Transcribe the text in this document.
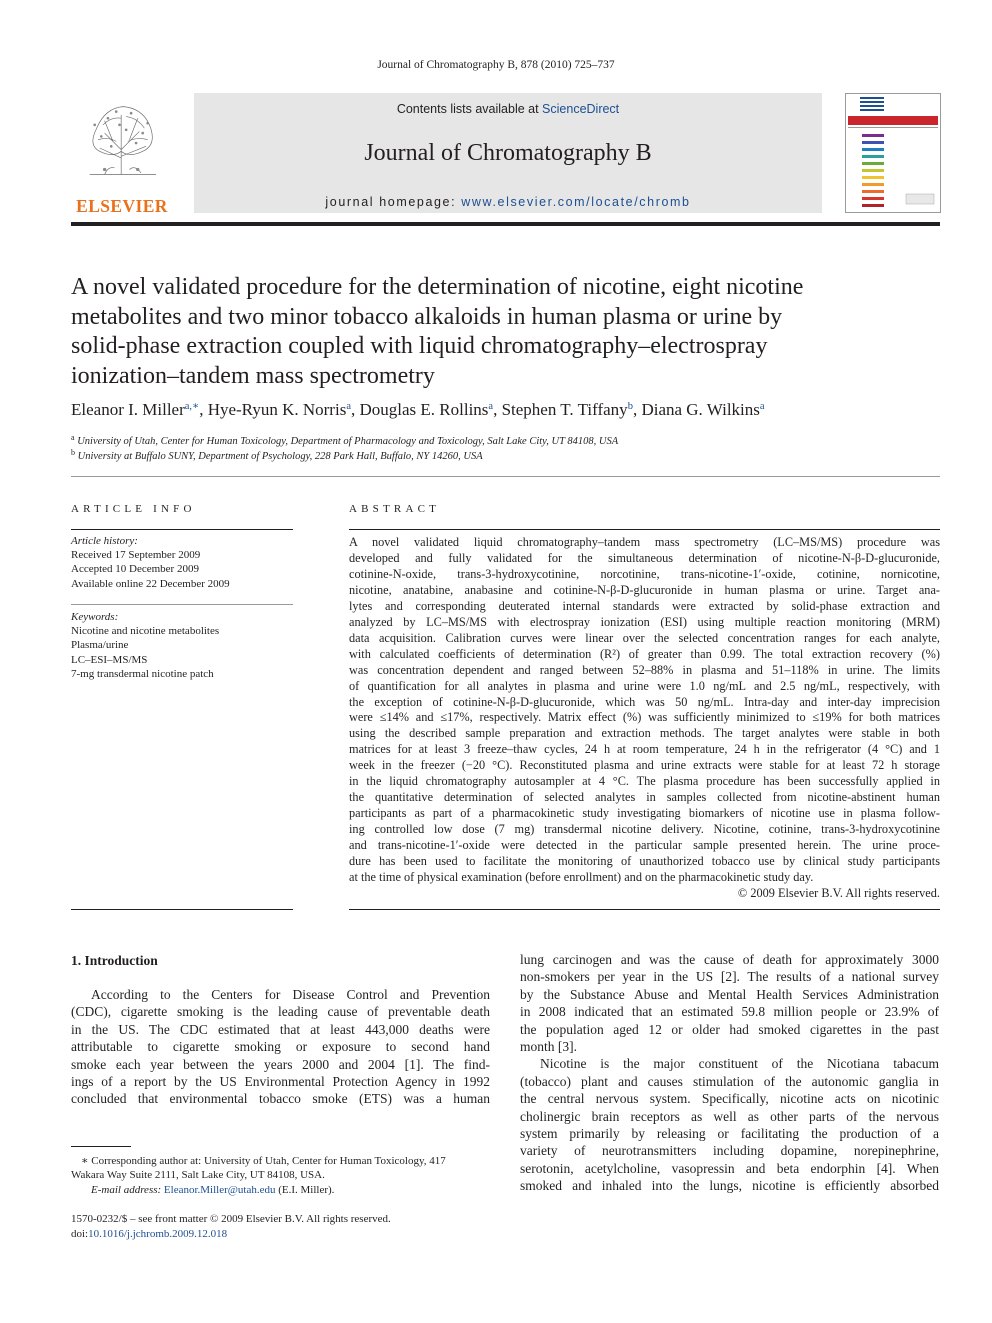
Journal of Chromatography B, 878 (2010) 725–737
ELSEVIER
Contents lists available at ScienceDirect
Journal of Chromatography B
journal homepage: www.elsevier.com/locate/chromb
A novel validated procedure for the determination of nicotine, eight nicotine
metabolites and two minor tobacco alkaloids in human plasma or urine by
solid-phase extraction coupled with liquid chromatography–electrospray
ionization–tandem mass spectrometry
Eleanor I. Miller$^{a,∗}$, Hye-Ryun K. Norris$^a$, Douglas E. Rollins$^a$, Stephen T. Tiffany$^b$, Diana G. Wilkins$^a$
$^a$ University of Utah, Center for Human Toxicology, Department of Pharmacology and Toxicology, Salt Lake City, UT 84108, USA
$^b$ University at Buffalo SUNY, Department of Psychology, 228 Park Hall, Buffalo, NY 14260, USA
ARTICLE INFO
Article history:
Received 17 September 2009
Accepted 10 December 2009
Available online 22 December 2009
Keywords:
Nicotine and nicotine metabolites
Plasma/urine
LC–ESI–MS/MS
7-mg transdermal nicotine patch
ABSTRACT
A novel validated liquid chromatography–tandem mass spectrometry (LC–MS/MS) procedure was
developed and fully validated for the simultaneous determination of nicotine-N-β-D-glucuronide,
cotinine-N-oxide, trans-3-hydroxycotinine, norcotinine, trans-nicotine-1′-oxide, cotinine, nornicotine,
nicotine, anatabine, anabasine and cotinine-N-β-D-glucuronide in human plasma or urine. Target ana-
lytes and corresponding deuterated internal standards were extracted by solid-phase extraction and
analyzed by LC–MS/MS with electrospray ionization (ESI) using multiple reaction monitoring (MRM)
data acquisition. Calibration curves were linear over the selected concentration ranges for each analyte,
with calculated coefficients of determination (R²) of greater than 0.99. The total extraction recovery (%)
was concentration dependent and ranged between 52–88% in plasma and 51–118% in urine. The limits
of quantification for all analytes in plasma and urine were 1.0 ng/mL and 2.5 ng/mL, respectively, with
the exception of cotinine-N-β-D-glucuronide, which was 50 ng/mL. Intra-day and inter-day imprecision
were ≤14% and ≤17%, respectively. Matrix effect (%) was sufficiently minimized to ≤19% for both matrices
using the described sample preparation and extraction methods. The target analytes were stable in both
matrices for at least 3 freeze–thaw cycles, 24 h at room temperature, 24 h in the refrigerator (4 °C) and 1
week in the freezer (−20 °C). Reconstituted plasma and urine extracts were stable for at least 72 h storage
in the liquid chromatography autosampler at 4 °C. The plasma procedure has been successfully applied in
the quantitative determination of selected analytes in samples collected from nicotine-abstinent human
participants as part of a pharmacokinetic study investigating biomarkers of nicotine use in plasma follow-
ing controlled low dose (7 mg) transdermal nicotine delivery. Nicotine, cotinine, trans-3-hydroxycotinine
and trans-nicotine-1′-oxide were detected in the particular sample presented herein. The urine proce-
dure has been used to facilitate the monitoring of unauthorized tobacco use by clinical study participants
at the time of physical examination (before enrollment) and on the pharmacokinetic study day.
© 2009 Elsevier B.V. All rights reserved.
1. Introduction
According to the Centers for Disease Control and Prevention
(CDC), cigarette smoking is the leading cause of preventable death
in the US. The CDC estimated that at least 443,000 deaths were
attributable to cigarette smoking or exposure to second hand
smoke each year between the years 2000 and 2004 [1]. The find-
ings of a report by the US Environmental Protection Agency in 1992
concluded that environmental tobacco smoke (ETS) was a human
lung carcinogen and was the cause of death for approximately 3000
non-smokers per year in the US [2]. The results of a national survey
by the Substance Abuse and Mental Health Services Administration
in 2008 indicated that an estimated 59.8 million people or 23.9% of
the population aged 12 or older had smoked cigarettes in the past
month [3].
Nicotine is the major constituent of the Nicotiana tabacum
(tobacco) plant and causes stimulation of the autonomic ganglia in
the central nervous system. Specifically, nicotine acts on nicotinic
cholinergic brain receptors as well as other parts of the nervous
system primarily by releasing or facilitating the production of a
variety of neurotransmitters including dopamine, norepinephrine,
serotonin, acetylcholine, vasopressin and beta endorphin [4]. When
smoked and inhaled into the lungs, nicotine is efficiently absorbed
∗ Corresponding author at: University of Utah, Center for Human Toxicology, 417
Wakara Way Suite 2111, Salt Lake City, UT 84108, USA.
E-mail address: Eleanor.Miller@utah.edu (E.I. Miller).
1570-0232/$ – see front matter © 2009 Elsevier B.V. All rights reserved.
doi:10.1016/j.jchromb.2009.12.018
